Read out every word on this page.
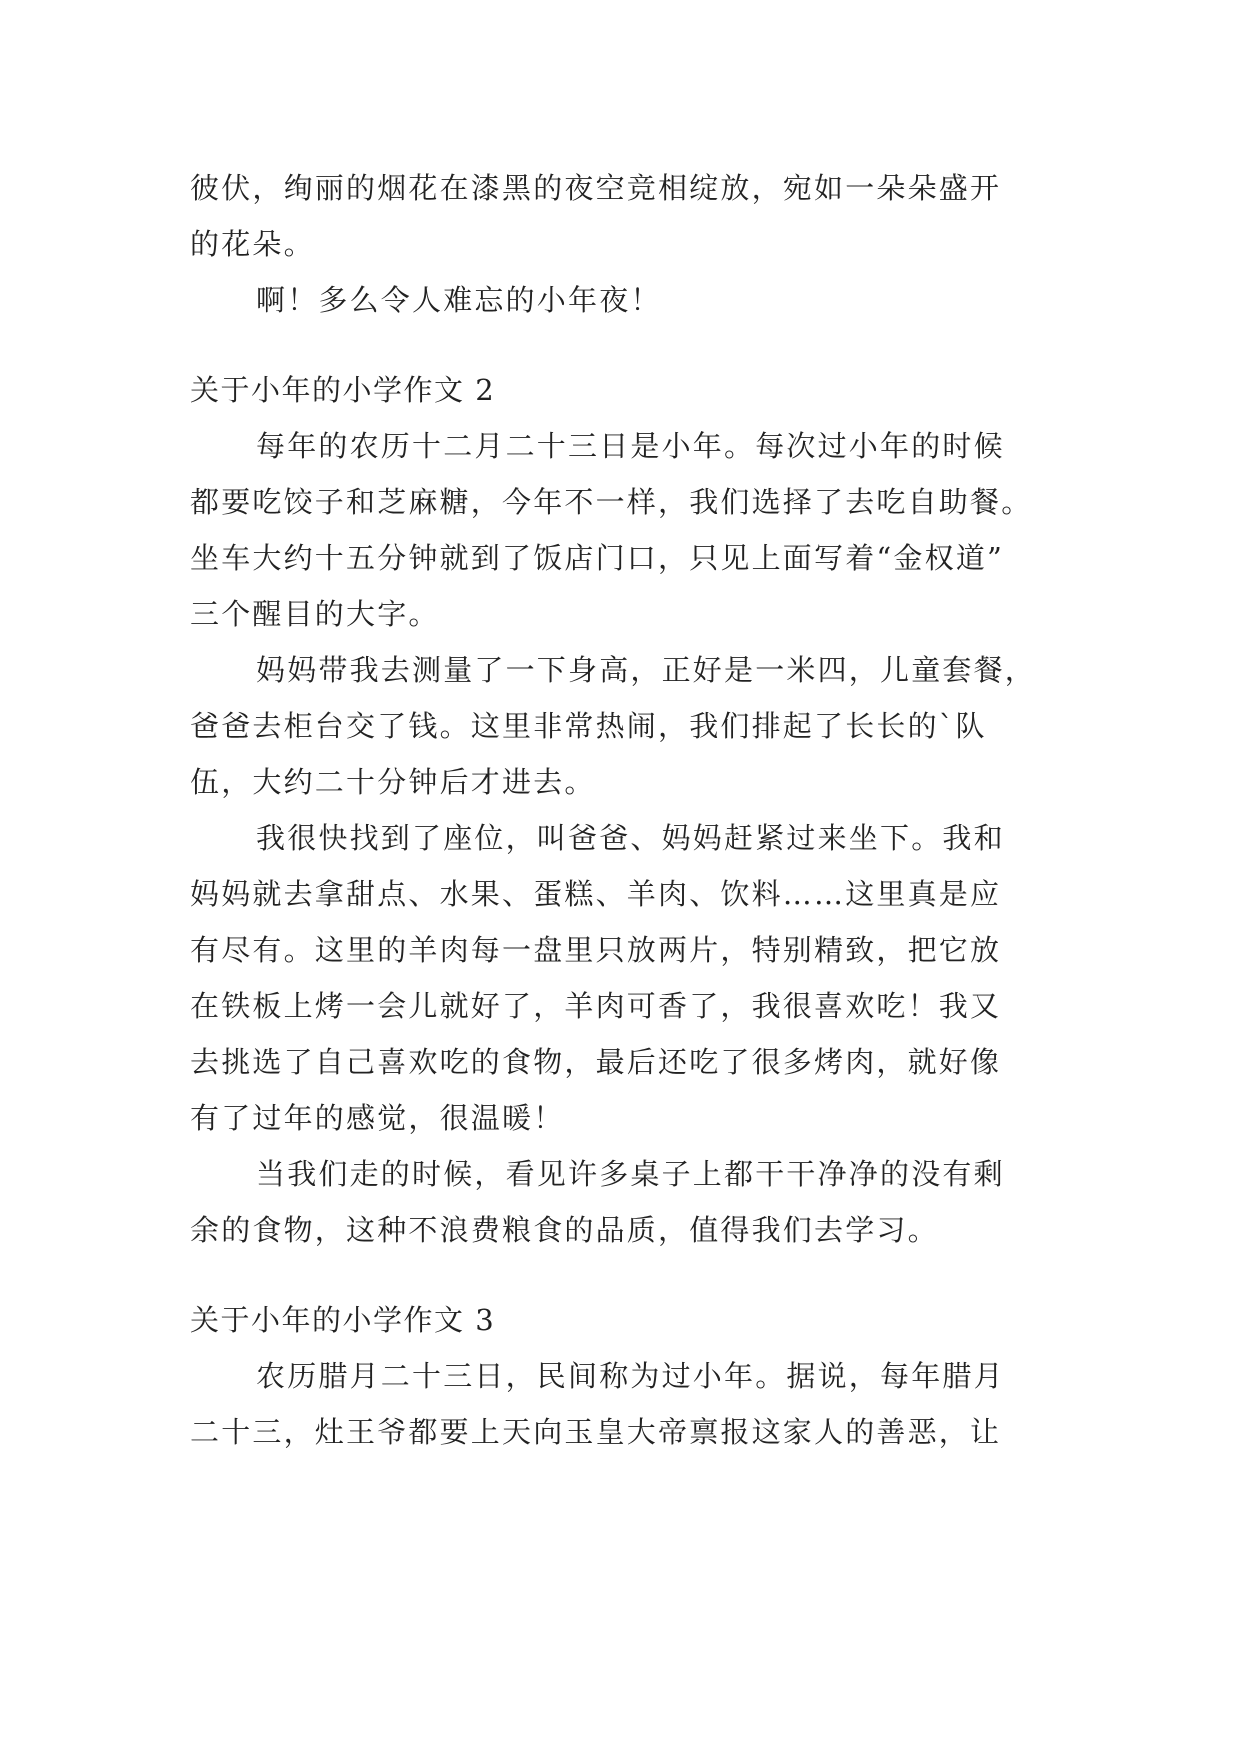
彼伏，绚丽的烟花在漆黑的夜空竞相绽放，宛如一朵朵盛开
的花朵。
啊！多么令人难忘的小年夜！
关于小年的小学作文 2
每年的农历十二月二十三日是小年。每次过小年的时候
都要吃饺子和芝麻糖，今年不一样，我们选择了去吃自助餐。
坐车大约十五分钟就到了饭店门口，只见上面写着“金权道”
三个醒目的大字。
妈妈带我去测量了一下身高，正好是一米四，儿童套餐，
爸爸去柜台交了钱。这里非常热闹，我们排起了长长的`队
伍，大约二十分钟后才进去。
我很快找到了座位，叫爸爸、妈妈赶紧过来坐下。我和
妈妈就去拿甜点、水果、蛋糕、羊肉、饮料……这里真是应
有尽有。这里的羊肉每一盘里只放两片，特别精致，把它放
在铁板上烤一会儿就好了，羊肉可香了，我很喜欢吃！我又
去挑选了自己喜欢吃的食物，最后还吃了很多烤肉，就好像
有了过年的感觉，很温暖！
当我们走的时候，看见许多桌子上都干干净净的没有剩
余的食物，这种不浪费粮食的品质，值得我们去学习。
关于小年的小学作文 3
农历腊月二十三日，民间称为过小年。据说，每年腊月
二十三，灶王爷都要上天向玉皇大帝禀报这家人的善恶，让
